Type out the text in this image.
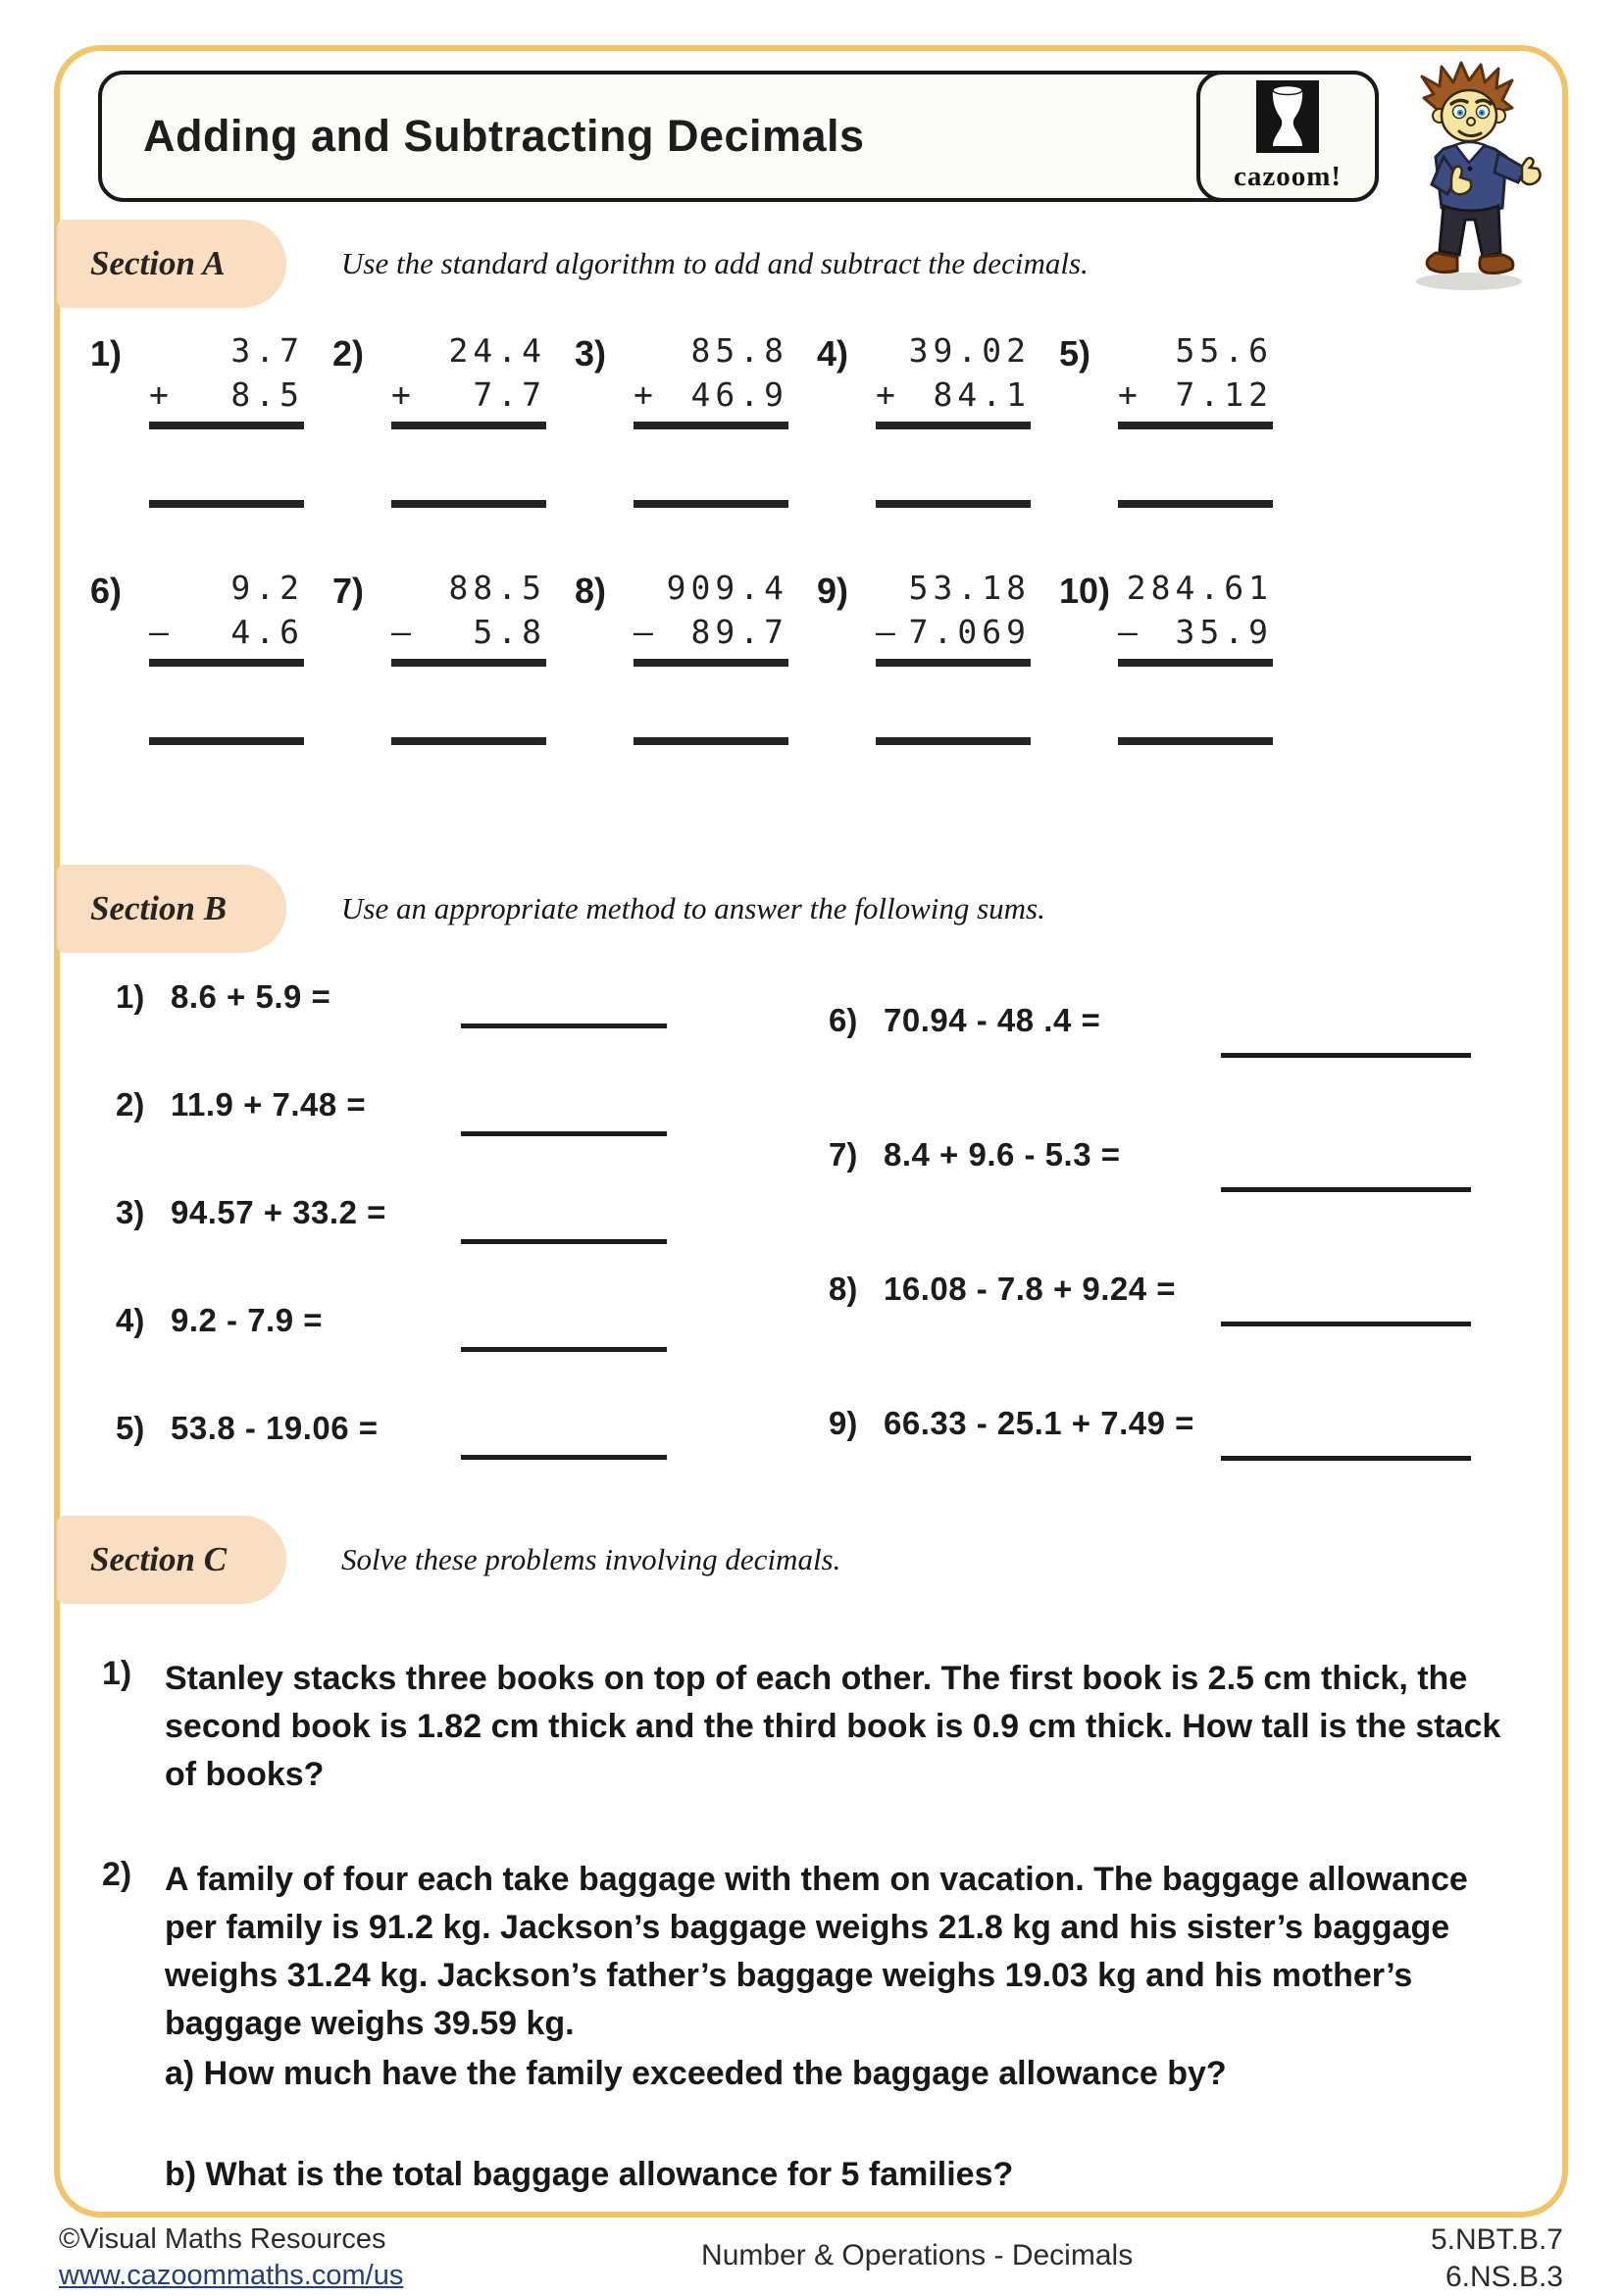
Adding and Subtracting Decimals
cazoom!
Section A	Use the standard algorithm to add and subtract the decimals.
1)	3.7
+ 8.5
2)	24.4
+ 7.7
3)	85.8
+ 46.9
4)	39.02
+ 84.1
5)	55.6
+ 7.12
6)	9.2
– 4.6
7)	88.5
– 5.8
8)	909.4
– 89.7
9)	53.18
– 7.069
10) 284.61
– 35.9
Section B	Use an appropriate method to answer the following sums.
1) 8.6 + 5.9 =
2) 11.9 + 7.48 =
3) 94.57 + 33.2 =
4) 9.2 - 7.9 =
5) 53.8 - 19.06 =
6) 70.94 - 48 .4 =
7) 8.4 + 9.6 - 5.3 =
8) 16.08 - 7.8 + 9.24 =
9) 66.33 - 25.1 + 7.49 =
Section C	Solve these problems involving decimals.
1) Stanley stacks three books on top of each other. The first book is 2.5 cm thick, the second book is 1.82 cm thick and the third book is 0.9 cm thick. How tall is the stack of books?
2) A family of four each take baggage with them on vacation. The baggage allowance per family is 91.2 kg. Jackson’s baggage weighs 21.8 kg and his sister’s baggage weighs 31.24 kg. Jackson’s father’s baggage weighs 19.03 kg and his mother’s baggage weighs 39.59 kg.
a) How much have the family exceeded the baggage allowance by?
b) What is the total baggage allowance for 5 families?
©Visual Maths Resources
www.cazoommaths.com/us
Number & Operations - Decimals	5.NBT.B.7
6.NS.B.3
